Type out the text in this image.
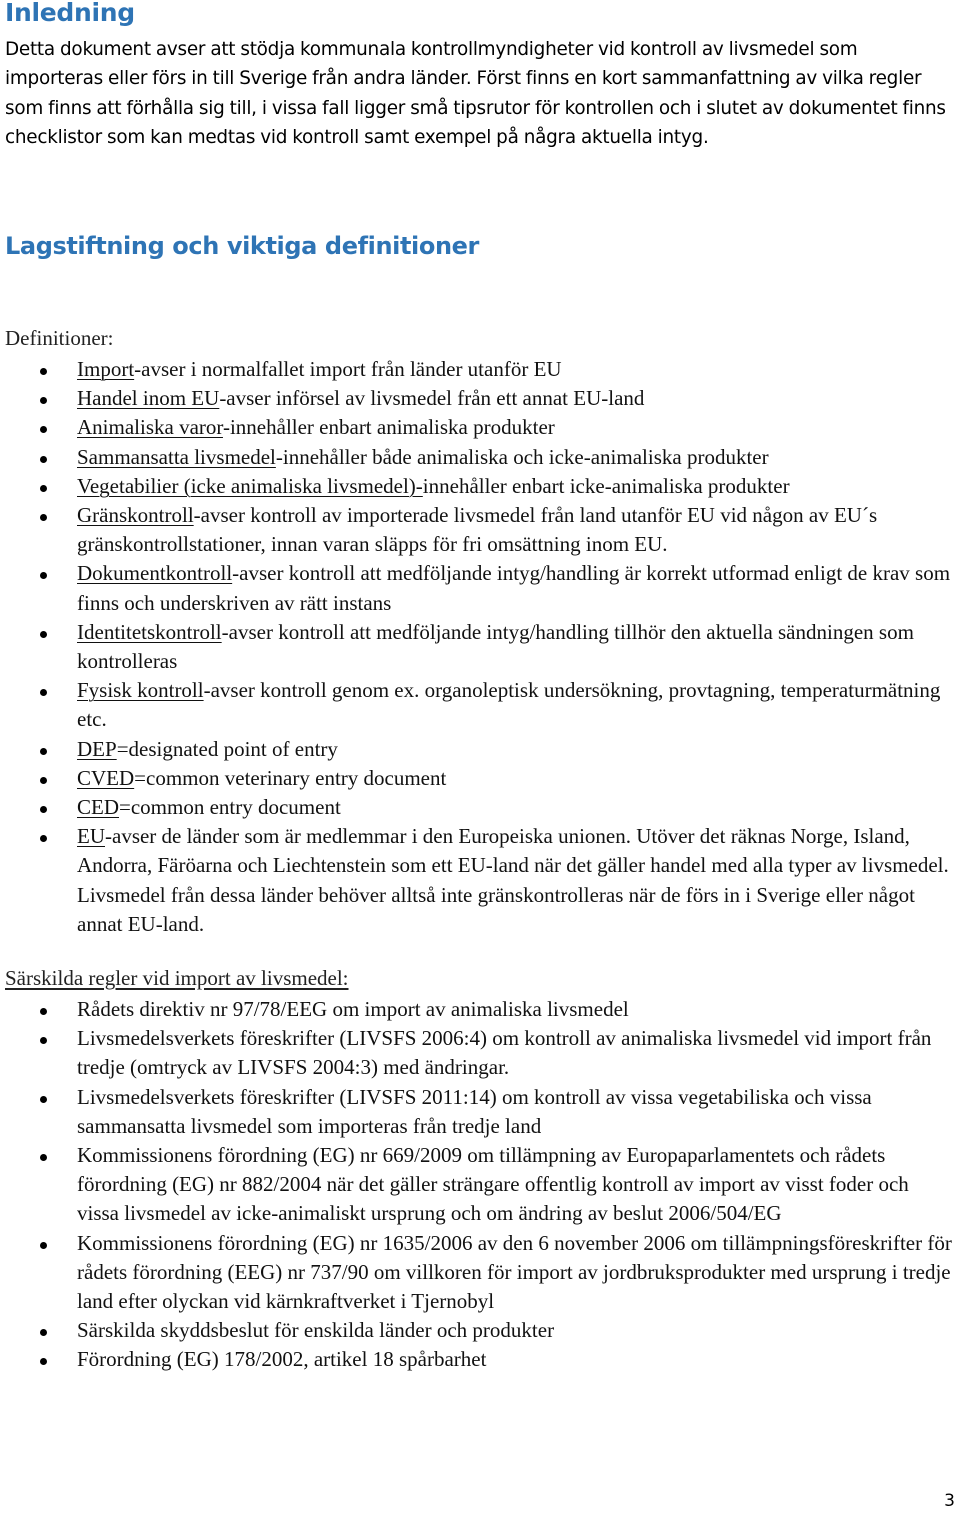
Inledning
Detta dokument avser att stödja kommunala kontrollmyndigheter vid kontroll av livsmedel som importeras eller förs in till Sverige från andra länder. Först finns en kort sammanfattning av vilka regler som finns att förhålla sig till, i vissa fall ligger små tipsrutor för kontrollen och i slutet av dokumentet finns checklistor som kan medtas vid kontroll samt exempel på några aktuella intyg.
Lagstiftning och viktiga definitioner
Definitioner:
Import-avser i normalfallet import från länder utanför EU
Handel inom EU-avser införsel av livsmedel från ett annat EU-land
Animaliska varor-innehåller enbart animaliska produkter
Sammansatta livsmedel-innehåller både animaliska och icke-animaliska produkter
Vegetabilier (icke animaliska livsmedel)-innehåller enbart icke-animaliska produkter
Gränskontroll-avser kontroll av importerade livsmedel från land utanför EU vid någon av EU´s gränskontrollstationer, innan varan släpps för fri omsättning inom EU.
Dokumentkontroll-avser kontroll att medföljande intyg/handling är korrekt utformad enligt de krav som finns och underskriven av rätt instans
Identitetskontroll-avser kontroll att medföljande intyg/handling tillhör den aktuella sändningen som kontrolleras
Fysisk kontroll-avser kontroll genom ex. organoleptisk undersökning, provtagning, temperaturmätning etc.
DEP=designated point of entry
CVED=common veterinary entry document
CED=common entry document
EU-avser de länder som är medlemmar i den Europeiska unionen. Utöver det räknas Norge, Island, Andorra, Färöarna och Liechtenstein som ett EU-land när det gäller handel med alla typer av livsmedel. Livsmedel från dessa länder behöver alltså inte gränskontrolleras när de förs in i Sverige eller något annat EU-land.
Särskilda regler vid import av livsmedel:
Rådets direktiv nr 97/78/EEG om import av animaliska livsmedel
Livsmedelsverkets föreskrifter (LIVSFS 2006:4) om kontroll av animaliska livsmedel vid import från tredje (omtryck av LIVSFS 2004:3) med ändringar.
Livsmedelsverkets föreskrifter (LIVSFS 2011:14) om kontroll av vissa vegetabiliska och vissa sammansatta livsmedel som importeras från tredje land
Kommissionens förordning (EG) nr 669/2009 om tillämpning av Europaparlamentets och rådets förordning (EG) nr 882/2004 när det gäller strängare offentlig kontroll av import av visst foder och vissa livsmedel av icke-animaliskt ursprung och om ändring av beslut 2006/504/EG
Kommissionens förordning (EG) nr 1635/2006 av den 6 november 2006 om tillämpningsföreskrifter för rådets förordning (EEG) nr 737/90 om villkoren för import av jordbruksprodukter med ursprung i tredje land efter olyckan vid kärnkraftverket i Tjernobyl
Särskilda skyddsbeslut för enskilda länder och produkter
Förordning (EG) 178/2002, artikel 18 spårbarhet
3
